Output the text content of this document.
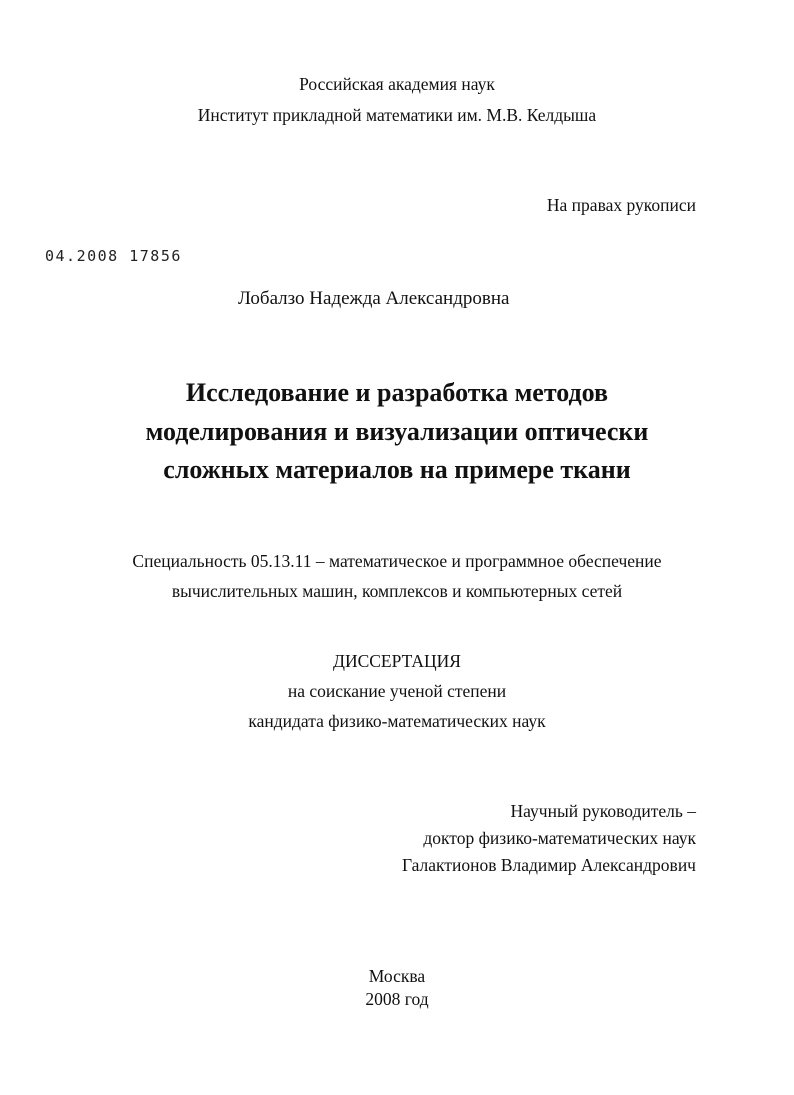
Российская академия наук
Институт прикладной математики им. М.В. Келдыша
На правах рукописи
04.2008 17856
Лобалзо Надежда Александровна
Исследование и разработка методов
моделирования и визуализации оптически
сложных материалов на примере ткани
Специальность 05.13.11 – математическое и программное обеспечение
вычислительных машин, комплексов и компьютерных сетей
ДИССЕРТАЦИЯ
на соискание ученой степени
кандидата физико-математических наук
Научный руководитель –
доктор физико-математических наук
Галактионов Владимир Александрович
Москва
2008 год
